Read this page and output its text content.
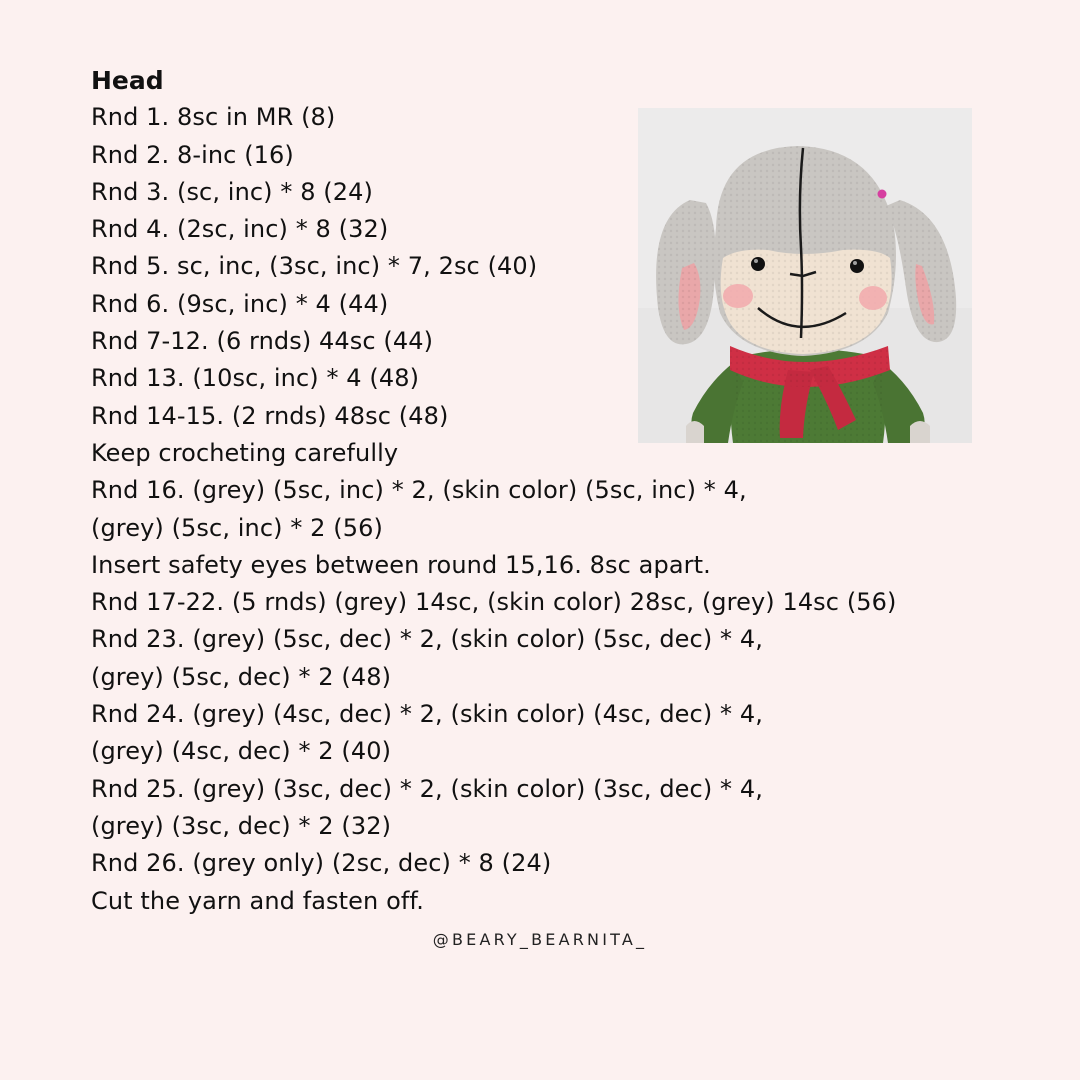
Head
Rnd 1. 8sc in MR (8)
Rnd 2. 8-inc (16)
Rnd 3. (sc, inc) * 8 (24)
Rnd 4. (2sc, inc) * 8 (32)
Rnd 5. sc, inc, (3sc, inc) * 7, 2sc (40)
Rnd 6. (9sc, inc) * 4 (44)
Rnd 7-12. (6 rnds) 44sc (44)
Rnd 13. (10sc, inc) * 4 (48)
Rnd 14-15. (2 rnds) 48sc (48)
Keep crocheting carefully
Rnd 16. (grey) (5sc, inc) * 2, (skin color) (5sc, inc) * 4,
(grey) (5sc, inc) * 2 (56)
Insert safety eyes between round 15,16. 8sc apart.
Rnd 17-22. (5 rnds) (grey) 14sc, (skin color) 28sc, (grey) 14sc (56)
Rnd 23. (grey) (5sc, dec) * 2, (skin color) (5sc, dec) * 4,
(grey) (5sc, dec) * 2 (48)
Rnd 24. (grey) (4sc, dec) * 2, (skin color) (4sc, dec) * 4,
(grey) (4sc, dec) * 2 (40)
Rnd 25. (grey) (3sc, dec) * 2, (skin color) (3sc, dec) * 4,
(grey) (3sc, dec) * 2 (32)
Rnd 26. (grey only) (2sc, dec) * 8 (24)
Cut the yarn and fasten off.
@BEARY_BEARNITA_
